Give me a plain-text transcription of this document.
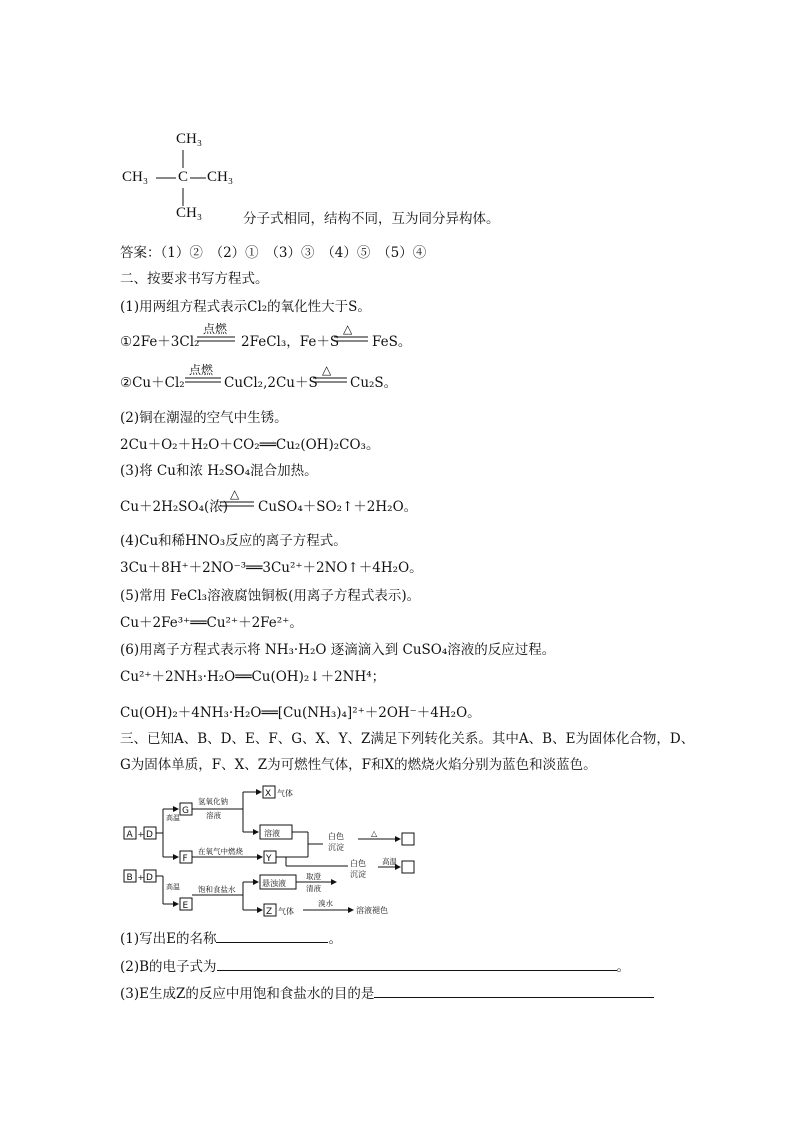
CH₃
CH₃ C CH₃
CH₃	分子式相同，结构不同，互为同分异构体。
答案：（1）②　（2）①　（3）③　（4）⑤　（5）④
二、按要求书写方程式。
(1)用两组方程式表示Cl₂的氧化性大于S。
①2Fe＋3Cl₂
点燃
2FeCl₃，Fe＋S
△
FeS。
②Cu＋Cl₂
点燃
CuCl₂,2Cu＋S
△
Cu₂S。
(2)铜在潮湿的空气中生锈。
2Cu＋O₂＋H₂O＋CO₂══Cu₂(OH)₂CO₃。
(3)将 Cu和浓 H₂SO₄混合加热。
Cu＋2H₂SO₄(浓)
△
CuSO₄＋SO₂↑＋2H₂O。
(4)Cu和稀HNO₃反应的离子方程式。
3Cu＋8H⁺＋2NO⁻³══3Cu²⁺＋2NO↑＋4H₂O。
(5)常用 FeCl₃溶液腐蚀铜板(用离子方程式表示)。
Cu＋2Fe³⁺══Cu²⁺＋2Fe²⁺。
(6)用离子方程式表示将 NH₃·H₂O 逐滴滴入到 CuSO₄溶液的反应过程。
Cu²⁺＋2NH₃·H₂O══Cu(OH)₂↓＋2NH⁴；
Cu(OH)₂＋4NH₃·H₂O══[Cu(NH₃)₄]²⁺＋2OH⁻＋4H₂O。
三、已知A、B、D、E、F、G、X、Y、Z满足下列转化关系。其中A、B、E为固体化合物，D、
G为固体单质，F、X、Z为可燃性气体，F和X的燃烧火焰分别为蓝色和淡蓝色。
A + D
B + D
G
F
E
X 气体
Y
Z 气体
氢氧化钠
溶液
溶液
在氧气中燃烧
白色
沉淀
△
高温
高温 饱和食盐水
悬浊液
取澄
清液
白色
沉淀
高温
溴水
溶液褪色
(1)写出E的名称	。
(2)B的电子式为	。
(3)E生成Z的反应中用饱和食盐水的目的是
